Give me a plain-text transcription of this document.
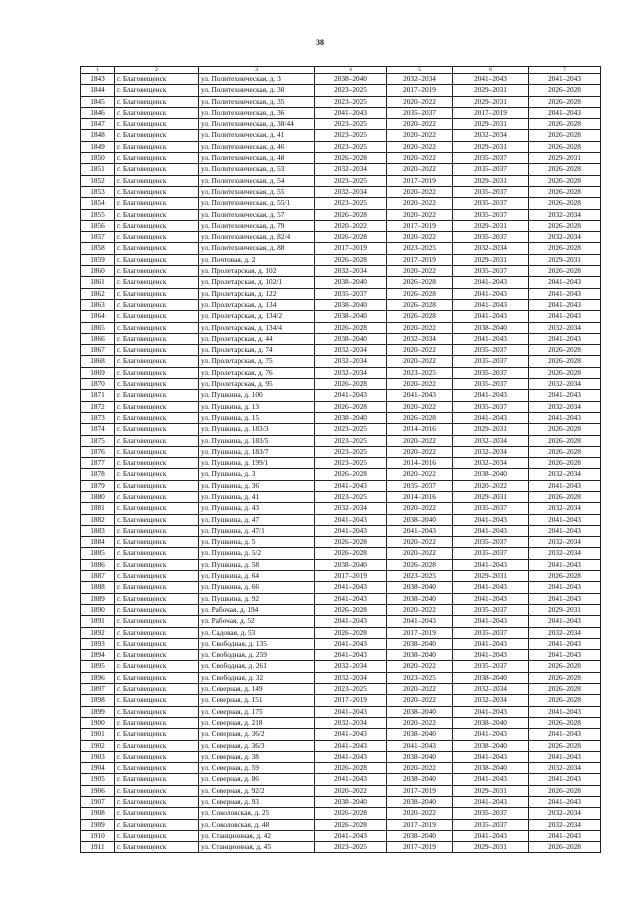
38
1	2	3	4	5	6	7
1843	г. Благовещенск	ул. Политехническая, д. 3	2038–2040	2032–2034	2041–2043	2041–2043
1844	г. Благовещенск	ул. Политехническая, д. 30	2023–2025	2017–2019	2029–2031	2026–2028
1845	г. Благовещенск	ул. Политехническая, д. 35	2023–2025	2020–2022	2029–2031	2026–2028
1846	г. Благовещенск	ул. Политехническая, д. 36	2041–2043	2035–2037	2017–2019	2041–2043
1847	г. Благовещенск	ул. Политехническая, д. 38/44	2023–2025	2020–2022	2029–2031	2026–2028
1848	г. Благовещенск	ул. Политехническая, д. 41	2023–2025	2020–2022	2032–2034	2026–2028
1849	г. Благовещенск	ул. Политехническая, д. 46	2023–2025	2020–2022	2029–2031	2026–2028
1850	г. Благовещенск	ул. Политехническая, д. 48	2026–2028	2020–2022	2035–2037	2029–2031
1851	г. Благовещенск	ул. Политехническая, д. 53	2032–2034	2020–2022	2035–2037	2026–2028
1852	г. Благовещенск	ул. Политехническая, д. 54	2023–2025	2017–2019	2029–2031	2026–2028
1853	г. Благовещенск	ул. Политехническая, д. 55	2032–2034	2020–2022	2035–2037	2026–2028
1854	г. Благовещенск	ул. Политехническая, д. 55/1	2023–2025	2020–2022	2035–2037	2026–2028
1855	г. Благовещенск	ул. Политехническая, д. 57	2026–2028	2020–2022	2035–2037	2032–2034
1856	г. Благовещенск	ул. Политехническая, д. 79	2020–2022	2017–2019	2029–2031	2026–2028
1857	г. Благовещенск	ул. Политехническая, д. 82/4	2026–2028	2020–2022	2035–2037	2032–2034
1858	г. Благовещенск	ул. Политехническая, д. 88	2017–2019	2023–2025	2032–2034	2026–2028
1859	г. Благовещенск	ул. Почтовая, д. 2	2026–2028	2017–2019	2029–2031	2029–2031
1860	г. Благовещенск	ул. Пролетарская, д. 102	2032–2034	2020–2022	2035–2037	2026–2028
1861	г. Благовещенск	ул. Пролетарская, д. 102/1	2038–2040	2026–2028	2041–2043	2041–2043
1862	г. Благовещенск	ул. Пролетарская, д. 122	2035–2037	2026–2028	2041–2043	2041–2043
1863	г. Благовещенск	ул. Пролетарская, д. 134	2038–2040	2026–2028	2041–2043	2041–2043
1864	г. Благовещенск	ул. Пролетарская, д. 134/2	2038–2040	2026–2028	2041–2043	2041–2043
1865	г. Благовещенск	ул. Пролетарская, д. 134/4	2026–2028	2020–2022	2038–2040	2032–2034
1866	г. Благовещенск	ул. Пролетарская, д. 44	2038–2040	2032–2034	2041–2043	2041–2043
1867	г. Благовещенск	ул. Пролетарская, д. 74	2032–2034	2020–2022	2035–2037	2026–2028
1868	г. Благовещенск	ул. Пролетарская, д. 75	2032–2034	2020–2022	2035–2037	2026–2028
1869	г. Благовещенск	ул. Пролетарская, д. 76	2032–2034	2023–2025	2035–2037	2026–2028
1870	г. Благовещенск	ул. Пролетарская, д. 95	2026–2028	2020–2022	2035–2037	2032–2034
1871	г. Благовещенск	ул. Пушкина, д. 100	2041–2043	2041–2043	2041–2043	2041–2043
1872	г. Благовещенск	ул. Пушкина, д. 13	2026–2028	2020–2022	2035–2037	2032–2034
1873	г. Благовещенск	ул. Пушкина, д. 15	2038–2040	2026–2028	2041–2043	2041–2043
1874	г. Благовещенск	ул. Пушкина, д. 183/3	2023–2025	2014–2016	2029–2031	2026–2028
1875	г. Благовещенск	ул. Пушкина, д. 183/5	2023–2025	2020–2022	2032–2034	2026–2028
1876	г. Благовещенск	ул. Пушкина, д. 183/7	2023–2025	2020–2022	2032–2034	2026–2028
1877	г. Благовещенск	ул. Пушкина, д. 199/1	2023–2025	2014–2016	2032–2034	2026–2028
1878	г. Благовещенск	ул. Пушкина, д. 3	2026–2028	2020–2022	2038–2040	2032–2034
1879	г. Благовещенск	ул. Пушкина, д. 36	2041–2043	2035–2037	2020–2022	2041–2043
1880	г. Благовещенск	ул. Пушкина, д. 41	2023–2025	2014–2016	2029–2031	2026–2028
1881	г. Благовещенск	ул. Пушкина, д. 43	2032–2034	2020–2022	2035–2037	2032–2034
1882	г. Благовещенск	ул. Пушкина, д. 47	2041–2043	2038–2040	2041–2043	2041–2043
1883	г. Благовещенск	ул. Пушкина, д. 47/1	2041–2043	2041–2043	2041–2043	2041–2043
1884	г. Благовещенск	ул. Пушкина, д. 5	2026–2028	2020–2022	2035–2037	2032–2034
1885	г. Благовещенск	ул. Пушкина, д. 5/2	2026–2028	2020–2022	2035–2037	2032–2034
1886	г. Благовещенск	ул. Пушкина, д. 58	2038–2040	2026–2028	2041–2043	2041–2043
1887	г. Благовещенск	ул. Пушкина, д. 64	2017–2019	2023–2025	2029–2031	2026–2028
1888	г. Благовещенск	ул. Пушкина, д. 66	2041–2043	2038–2040	2041–2043	2041–2043
1889	г. Благовещенск	ул. Пушкина, д. 92	2041–2043	2038–2040	2041–2043	2041–2043
1890	г. Благовещенск	ул. Рабочая, д. 194	2026–2028	2020–2022	2035–2037	2029–2031
1891	г. Благовещенск	ул. Рабочая, д. 52	2041–2043	2041–2043	2041–2043	2041–2043
1892	г. Благовещенск	ул. Садовая, д. 53	2026–2028	2017–2019	2035–2037	2032–2034
1893	г. Благовещенск	ул. Свободная, д. 135	2041–2043	2038–2040	2041–2043	2041–2043
1894	г. Благовещенск	ул. Свободная, д. 259	2041–2043	2038–2040	2041–2043	2041–2043
1895	г. Благовещенск	ул. Свободная, д. 261	2032–2034	2020–2022	2035–2037	2026–2028
1896	г. Благовещенск	ул. Свободная, д. 32	2032–2034	2023–2025	2038–2040	2026–2028
1897	г. Благовещенск	ул. Северная, д. 149	2023–2025	2020–2022	2032–2034	2026–2028
1898	г. Благовещенск	ул. Северная, д. 151	2017–2019	2020–2022	2032–2034	2026–2028
1899	г. Благовещенск	ул. Северная, д. 175	2041–2043	2038–2040	2041–2043	2041–2043
1900	г. Благовещенск	ул. Северная, д. 218	2032–2034	2020–2022	2038–2040	2026–2028
1901	г. Благовещенск	ул. Северная, д. 36/2	2041–2043	2038–2040	2041–2043	2041–2043
1902	г. Благовещенск	ул. Северная, д. 36/3	2041–2043	2041–2043	2038–2040	2026–2028
1903	г. Благовещенск	ул. Северная, д. 38	2041–2043	2038–2040	2041–2043	2041–2043
1904	г. Благовещенск	ул. Северная, д. 59	2026–2028	2020–2022	2038–2040	2032–2034
1905	г. Благовещенск	ул. Северная, д. 86	2041–2043	2038–2040	2041–2043	2041–2043
1906	г. Благовещенск	ул. Северная, д. 92/2	2020–2022	2017–2019	2029–2031	2026–2028
1907	г. Благовещенск	ул. Северная, д. 93	2038–2040	2038–2040	2041–2043	2041–2043
1908	г. Благовещенск	ул. Соколовская, д. 25	2026–2028	2020–2022	2035–2037	2032–2034
1909	г. Благовещенск	ул. Соколовская, д. 48	2026–2028	2017–2019	2035–2037	2032–2034
1910	г. Благовещенск	ул. Станционная, д. 42	2041–2043	2038–2040	2041–2043	2041–2043
1911	г. Благовещенск	ул. Станционная, д. 45	2023–2025	2017–2019	2029–2031	2026–2028
